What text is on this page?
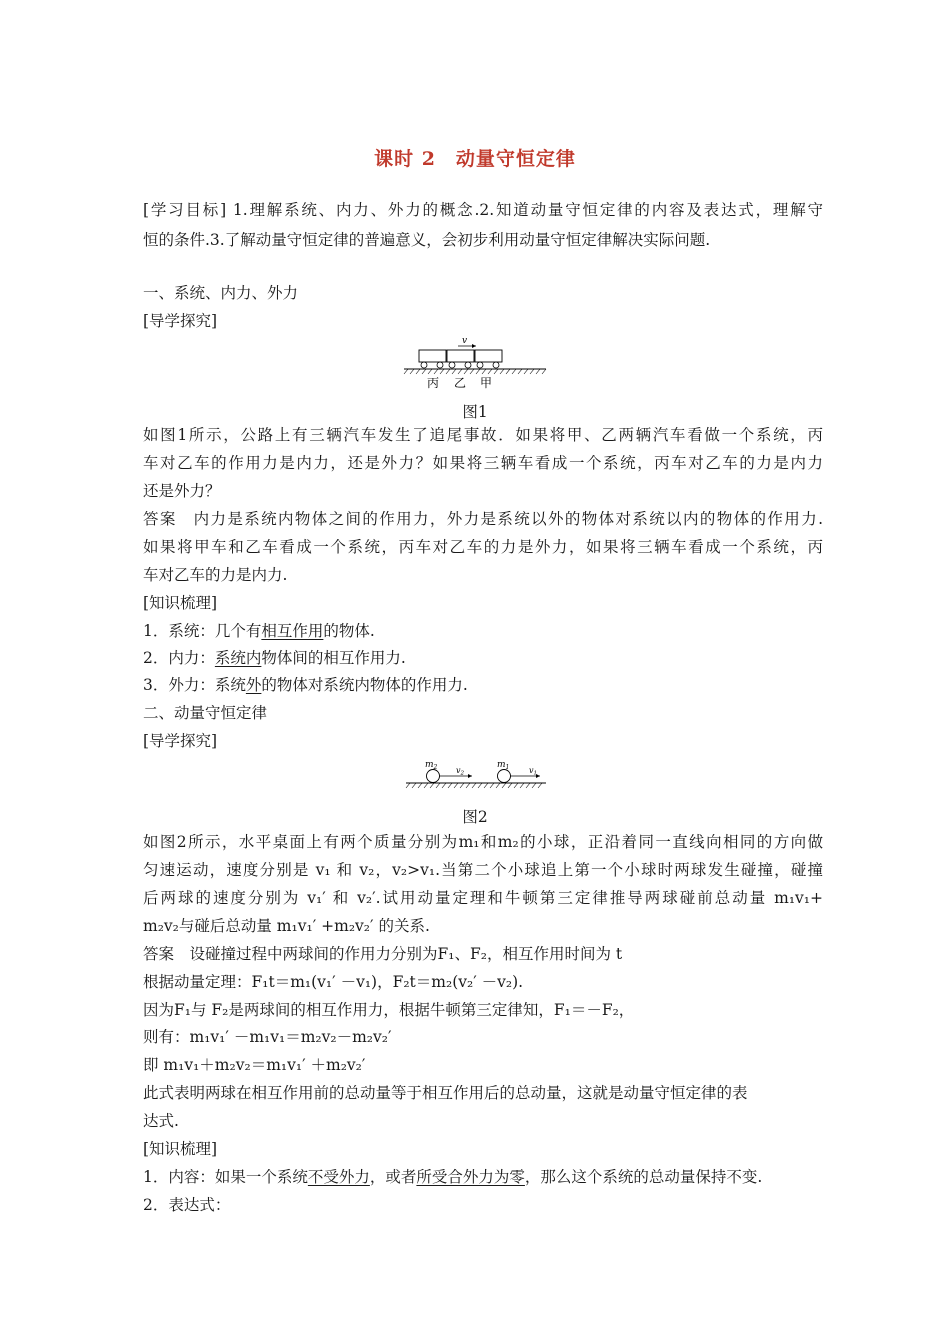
课时 2　动量守恒定律
[学习目标] 1.理解系统、内力、外力的概念.2.知道动量守恒定律的内容及表达式，理解守
恒的条件.3.了解动量守恒定律的普遍意义，会初步利用动量守恒定律解决实际问题.
一、系统、内力、外力
[导学探究]
v
丙 乙 甲
图1
如图1所示，公路上有三辆汽车发生了追尾事故．如果将甲、乙两辆汽车看做一个系统，丙
车对乙车的作用力是内力，还是外力？如果将三辆车看成一个系统，丙车对乙车的力是内力
还是外力？
答案　内力是系统内物体之间的作用力，外力是系统以外的物体对系统以内的物体的作用力.
如果将甲车和乙车看成一个系统，丙车对乙车的力是外力，如果将三辆车看成一个系统，丙
车对乙车的力是内力.
[知识梳理]
1．系统：几个有相互作用的物体.
2．内力：系统内物体间的相互作用力.
3．外力：系统外的物体对系统内物体的作用力.
二、动量守恒定律
[导学探究]
$m_2$	$m_1$
v2	v1
图2
如图2所示，水平桌面上有两个质量分别为m₁和m₂的小球，正沿着同一直线向相同的方向做
匀速运动，速度分别是 v₁ 和 v₂，v₂>v₁.当第二个小球追上第一个小球时两球发生碰撞，碰撞
后两球的速度分别为 v₁′ 和 v₂′.试用动量定理和牛顿第三定律推导两球碰前总动量 m₁v₁+
m₂v₂与碰后总动量 m₁v₁′ +m₂v₂′ 的关系.
答案　设碰撞过程中两球间的作用力分别为F₁、F₂，相互作用时间为 t
根据动量定理：F₁t＝m₁(v₁′ －v₁)，F₂t＝m₂(v₂′ －v₂).
因为F₁与 F₂是两球间的相互作用力，根据牛顿第三定律知，F₁＝－F₂，
则有：m₁v₁′ －m₁v₁＝m₂v₂－m₂v₂′
即 m₁v₁＋m₂v₂＝m₁v₁′ ＋m₂v₂′
此式表明两球在相互作用前的总动量等于相互作用后的总动量，这就是动量守恒定律的表
达式.
[知识梳理]
1．内容：如果一个系统不受外力，或者所受合外力为零，那么这个系统的总动量保持不变.
2．表达式：
